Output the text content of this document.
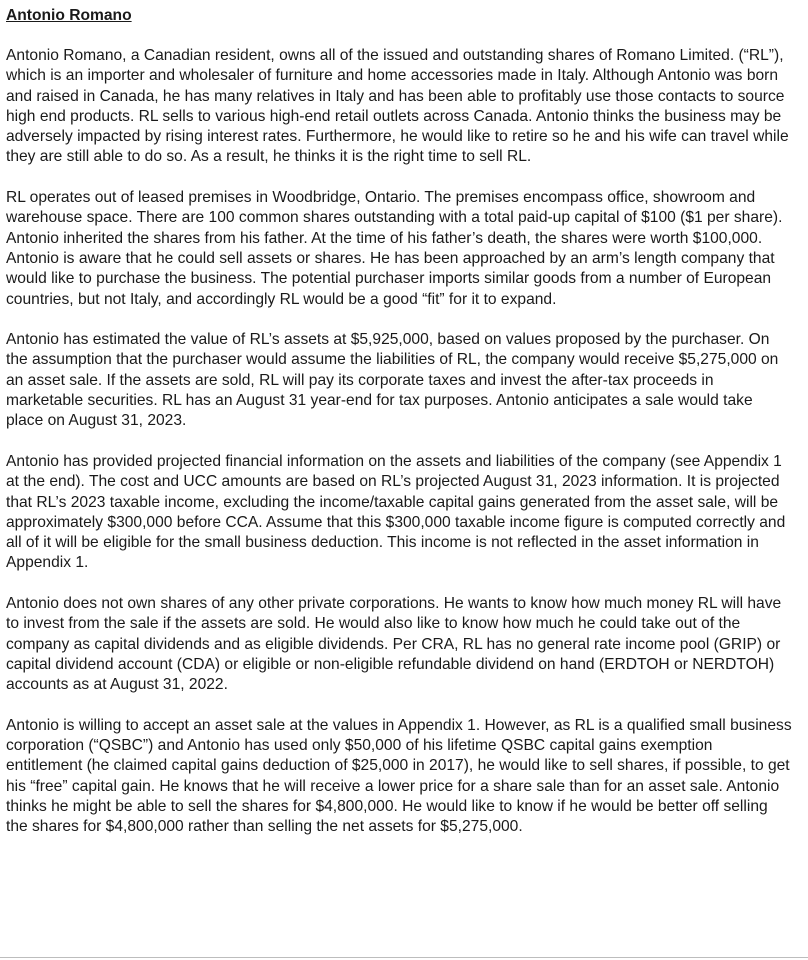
Antonio Romano

Antonio Romano, a Canadian resident, owns all of the issued and outstanding shares of Romano Limited. (“RL”), which is an importer and wholesaler of furniture and home accessories made in Italy. Although Antonio was born and raised in Canada, he has many relatives in Italy and has been able to profitably use those contacts to source high end products. RL sells to various high-end retail outlets across Canada. Antonio thinks the business may be adversely impacted by rising interest rates. Furthermore, he would like to retire so he and his wife can travel while they are still able to do so. As a result, he thinks it is the right time to sell RL.

RL operates out of leased premises in Woodbridge, Ontario. The premises encompass office, showroom and warehouse space. There are 100 common shares outstanding with a total paid-up capital of $100 ($1 per share). Antonio inherited the shares from his father. At the time of his father’s death, the shares were worth $100,000. Antonio is aware that he could sell assets or shares. He has been approached by an arm’s length company that would like to purchase the business. The potential purchaser imports similar goods from a number of European countries, but not Italy, and accordingly RL would be a good “fit” for it to expand.

Antonio has estimated the value of RL’s assets at $5,925,000, based on values proposed by the purchaser. On the assumption that the purchaser would assume the liabilities of RL, the company would receive $5,275,000 on an asset sale. If the assets are sold, RL will pay its corporate taxes and invest the after-tax proceeds in marketable securities. RL has an August 31 year-end for tax purposes. Antonio anticipates a sale would take place on August 31, 2023.

Antonio has provided projected financial information on the assets and liabilities of the company (see Appendix 1 at the end). The cost and UCC amounts are based on RL’s projected August 31, 2023 information. It is projected that RL’s 2023 taxable income, excluding the income/taxable capital gains generated from the asset sale, will be approximately $300,000 before CCA. Assume that this $300,000 taxable income figure is computed correctly and all of it will be eligible for the small business deduction. This income is not reflected in the asset information in Appendix 1.

Antonio does not own shares of any other private corporations. He wants to know how much money RL will have to invest from the sale if the assets are sold. He would also like to know how much he could take out of the company as capital dividends and as eligible dividends. Per CRA, RL has no general rate income pool (GRIP) or capital dividend account (CDA) or eligible or non-eligible refundable dividend on hand (ERDTOH or NERDTOH) accounts as at August 31, 2022.

Antonio is willing to accept an asset sale at the values in Appendix 1. However, as RL is a qualified small business corporation (“QSBC”) and Antonio has used only $50,000 of his lifetime QSBC capital gains exemption entitlement (he claimed capital gains deduction of $25,000 in 2017), he would like to sell shares, if possible, to get his “free” capital gain. He knows that he will receive a lower price for a share sale than for an asset sale. Antonio thinks he might be able to sell the shares for $4,800,000. He would like to know if he would be better off selling the shares for $4,800,000 rather than selling the net assets for $5,275,000.
